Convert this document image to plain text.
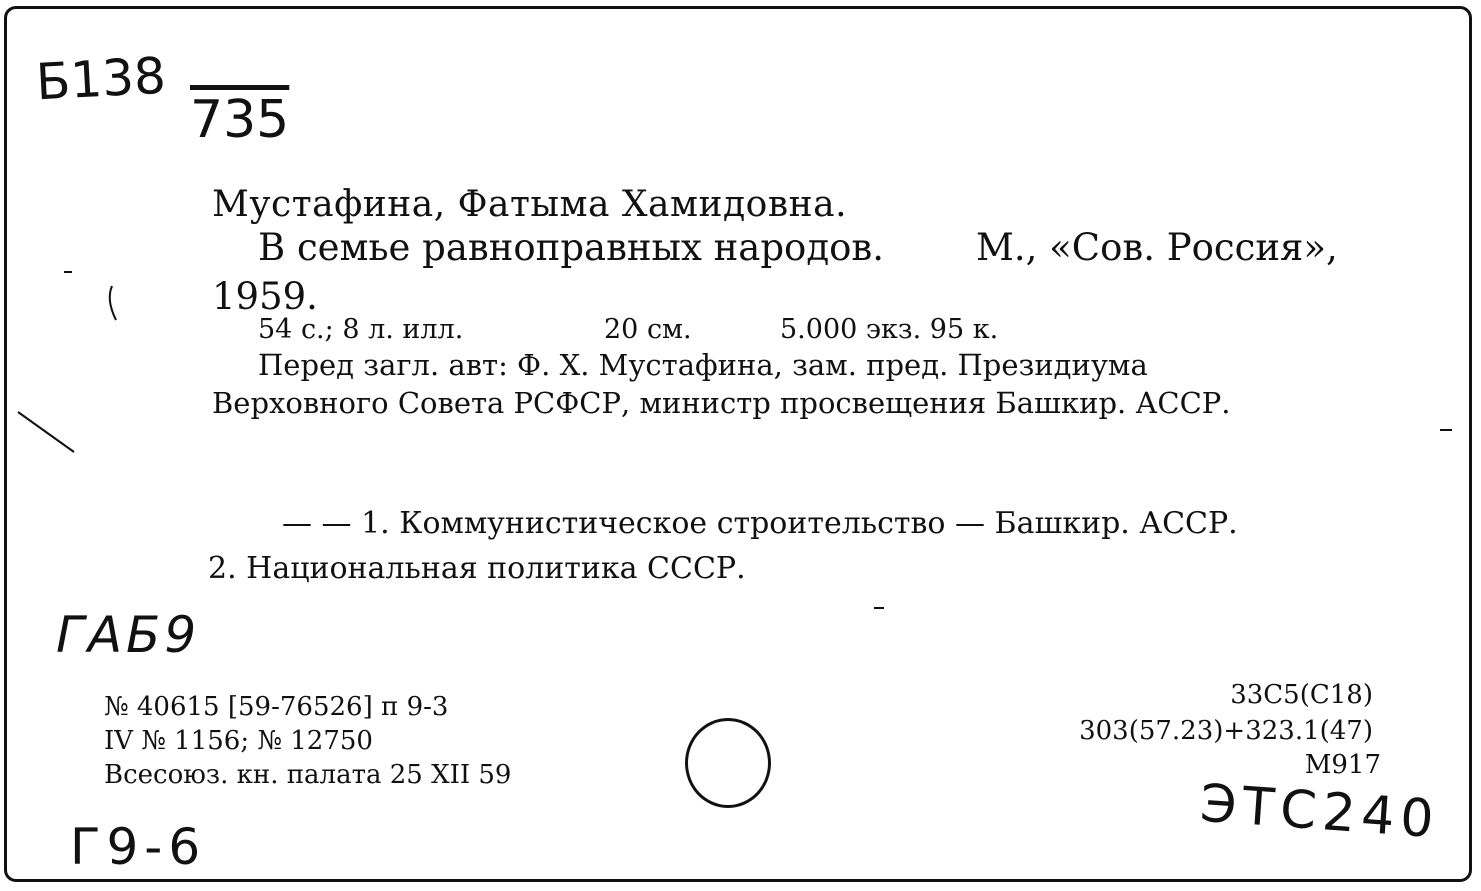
Б138
735
Мустафина, Фатыма Хамидовна.
В семье равноправных народов. М., «Сов. Россия»,
1959.
54 с.; 8 л. илл.	20 см.	5.000 экз. 95 к.
Перед загл. авт: Ф. Х. Мустафина, зам. пред. Президиума
Верховного Совета РСФСР, министр просвещения Башкир. АССР.
— — 1. Коммунистическое строительство — Башкир. АССР.
2. Национальная политика СССР.
ГАБ9
№ 40615 [59-76526] п 9-3
IV № 1156; № 12750
Всесоюз. кн. палата 25 XII 59
33С5(С18)
303(57.23)+323.1(47)
М917
ЭТС240
Г9-6
